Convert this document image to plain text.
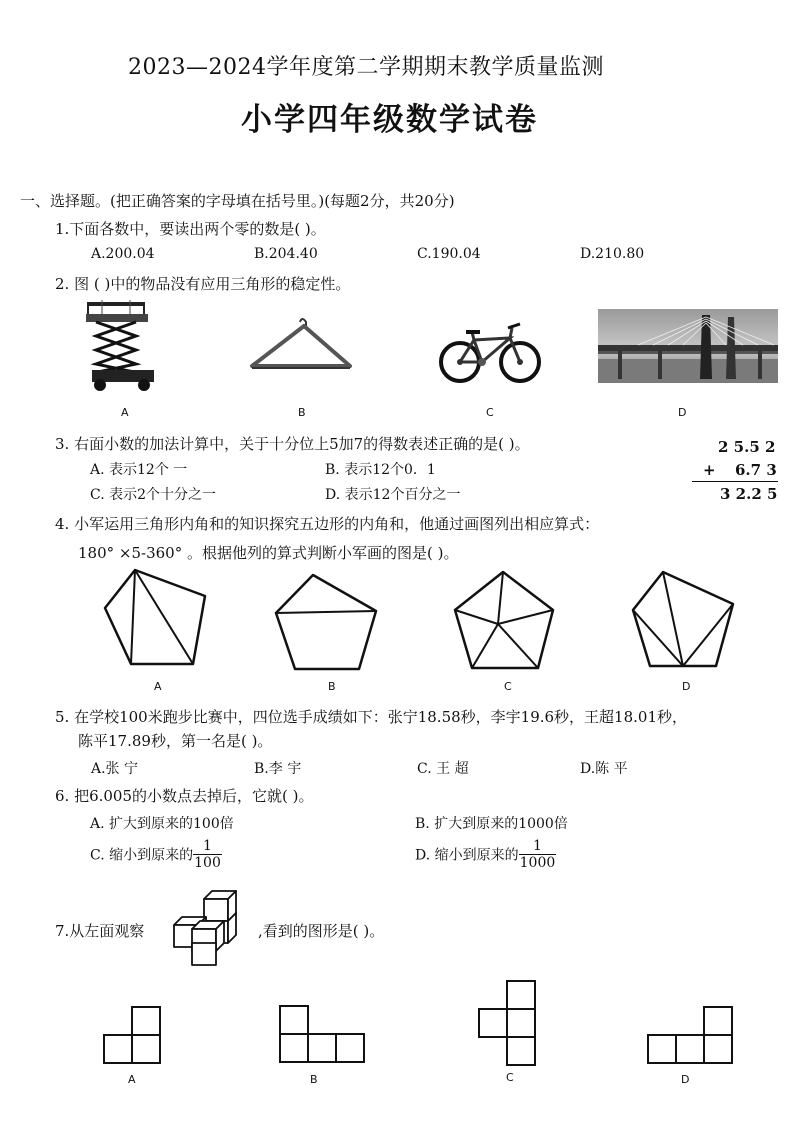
2023—2024学年度第二学期期末教学质量监测
小学四年级数学试卷
一、选择题。(把正确答案的字母填在括号里。)(每题2分，共20分)
1.下面各数中，要读出两个零的数是( )。
A.200.04	B.204.40	C.190.04	D.210.80
2. 图 ( )中的物品没有应用三角形的稳定性。
A	B	C	D
3. 右面小数的加法计算中，关于十分位上5加7的得数表述正确的是( )。
A. 表示12个 一	B. 表示12个0．1
C. 表示2个十分之一	D. 表示12个百分之一
2 5.5 2
+ 6.7 3
3 2.2 5
4. 小军运用三角形内角和的知识探究五边形的内角和，他通过画图列出相应算式：
180° ×5-360° 。根据他列的算式判断小军画的图是( )。
A	B	C	D
5. 在学校100米跑步比赛中，四位选手成绩如下：张宁18.58秒，李宇19.6秒，王超18.01秒，
陈平17.89秒，第一名是( )。
A.张 宁	B.李 宇	C. 王 超	D.陈 平
6. 把6.005的小数点去掉后，它就( )。
A. 扩大到原来的100倍	B. 扩大到原来的1000倍
C. 缩小到原来的 $\frac{1}{100}$	D. 缩小到原来的 $\frac{1}{1000}$
7.从左面观察	,看到的图形是( )。
A	B	C	D
